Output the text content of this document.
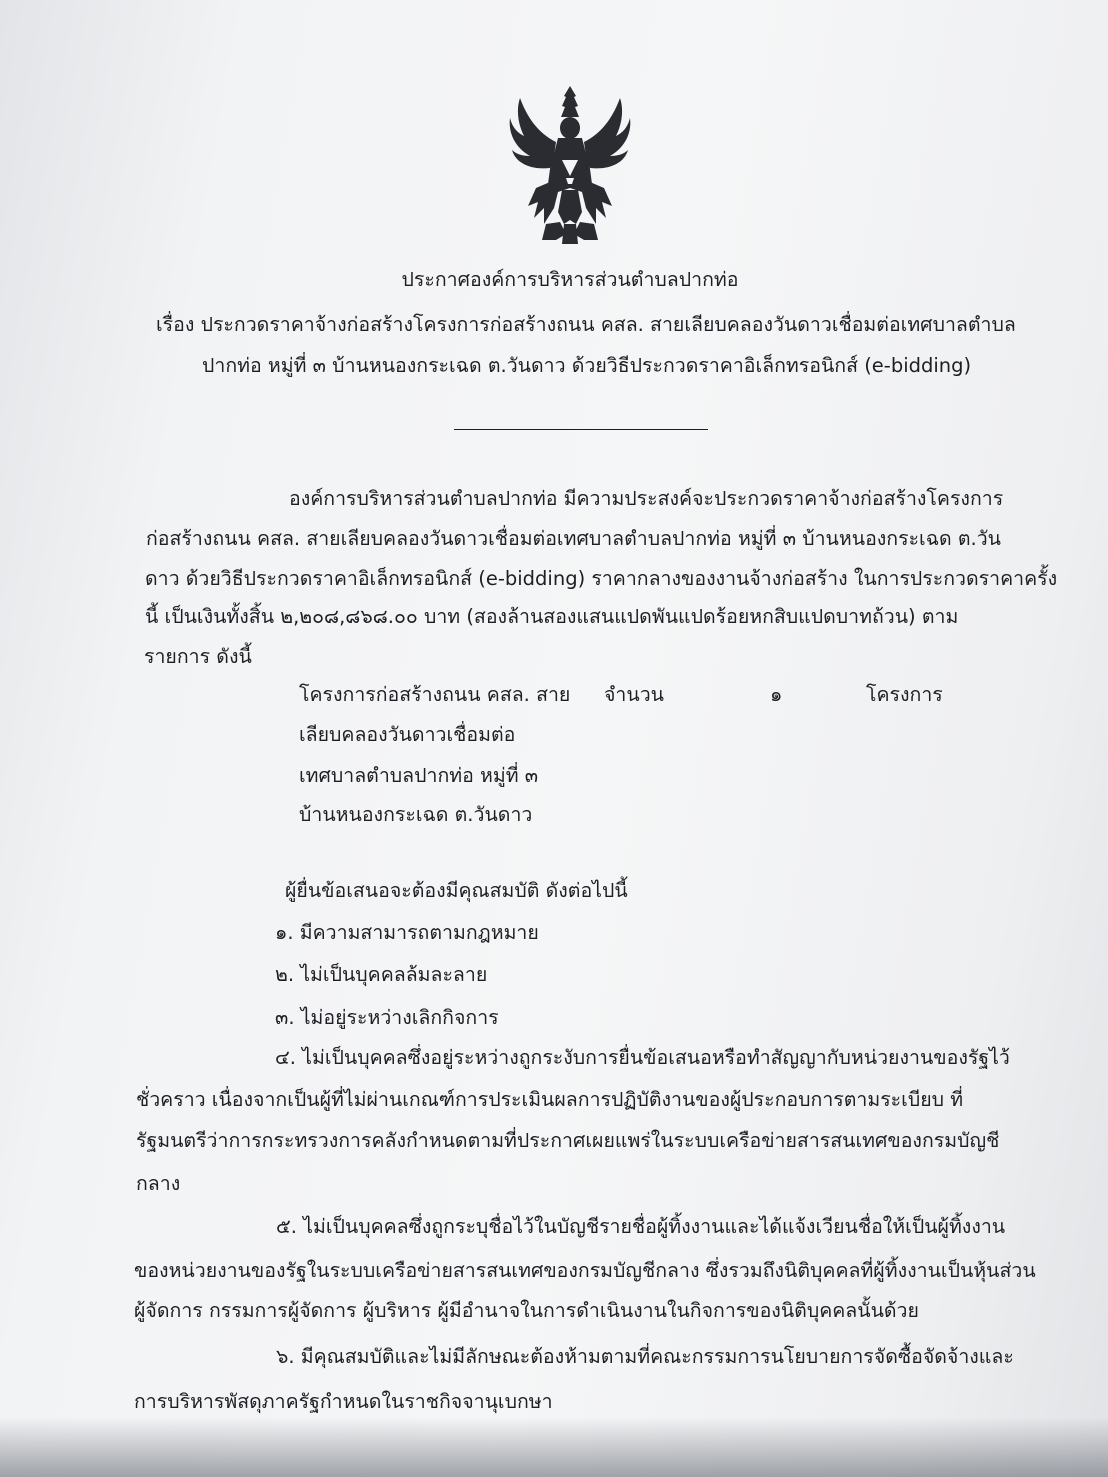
ประกาศองค์การบริหารส่วนตำบลปากท่อ

เรื่อง ประกวดราคาจ้างก่อสร้างโครงการก่อสร้างถนน คสล. สายเลียบคลองวันดาวเชื่อมต่อเทศบาลตำบล

ปากท่อ หมู่ที่ ๓ บ้านหนองกระเฉด ต.วันดาว ด้วยวิธีประกวดราคาอิเล็กทรอนิกส์ (e-bidding)

องค์การบริหารส่วนตำบลปากท่อ มีความประสงค์จะประกวดราคาจ้างก่อสร้างโครงการ

ก่อสร้างถนน คสล. สายเลียบคลองวันดาวเชื่อมต่อเทศบาลตำบลปากท่อ หมู่ที่ ๓ บ้านหนองกระเฉด ต.วัน

ดาว ด้วยวิธีประกวดราคาอิเล็กทรอนิกส์ (e-bidding) ราคากลางของงานจ้างก่อสร้าง ในการประกวดราคาครั้ง

นี้ เป็นเงินทั้งสิ้น ๒,๒๐๘,๘๖๘.๐๐ บาท (สองล้านสองแสนแปดพันแปดร้อยหกสิบแปดบาทถ้วน) ตาม

รายการ ดังนี้

โครงการก่อสร้างถนน คสล. สาย

เลียบคลองวันดาวเชื่อมต่อ

เทศบาลตำบลปากท่อ หมู่ที่ ๓

บ้านหนองกระเฉด ต.วันดาว

จำนวน	๑	โครงการ

ผู้ยื่นข้อเสนอจะต้องมีคุณสมบัติ ดังต่อไปนี้

๑. มีความสามารถตามกฎหมาย

๒. ไม่เป็นบุคคลล้มละลาย

๓. ไม่อยู่ระหว่างเลิกกิจการ

๔. ไม่เป็นบุคคลซึ่งอยู่ระหว่างถูกระงับการยื่นข้อเสนอหรือทำสัญญากับหน่วยงานของรัฐไว้

ชั่วคราว เนื่องจากเป็นผู้ที่ไม่ผ่านเกณฑ์การประเมินผลการปฏิบัติงานของผู้ประกอบการตามระเบียบ ที่

รัฐมนตรีว่าการกระทรวงการคลังกำหนดตามที่ประกาศเผยแพร่ในระบบเครือข่ายสารสนเทศของกรมบัญชี

กลาง

๕. ไม่เป็นบุคคลซึ่งถูกระบุชื่อไว้ในบัญชีรายชื่อผู้ทิ้งงานและได้แจ้งเวียนชื่อให้เป็นผู้ทิ้งงาน

ของหน่วยงานของรัฐในระบบเครือข่ายสารสนเทศของกรมบัญชีกลาง ซึ่งรวมถึงนิติบุคคลที่ผู้ทิ้งงานเป็นหุ้นส่วน

ผู้จัดการ กรรมการผู้จัดการ ผู้บริหาร ผู้มีอำนาจในการดำเนินงานในกิจการของนิติบุคคลนั้นด้วย

๖. มีคุณสมบัติและไม่มีลักษณะต้องห้ามตามที่คณะกรรมการนโยบายการจัดซื้อจัดจ้างและ

การบริหารพัสดุภาครัฐกำหนดในราชกิจจานุเบกษา
